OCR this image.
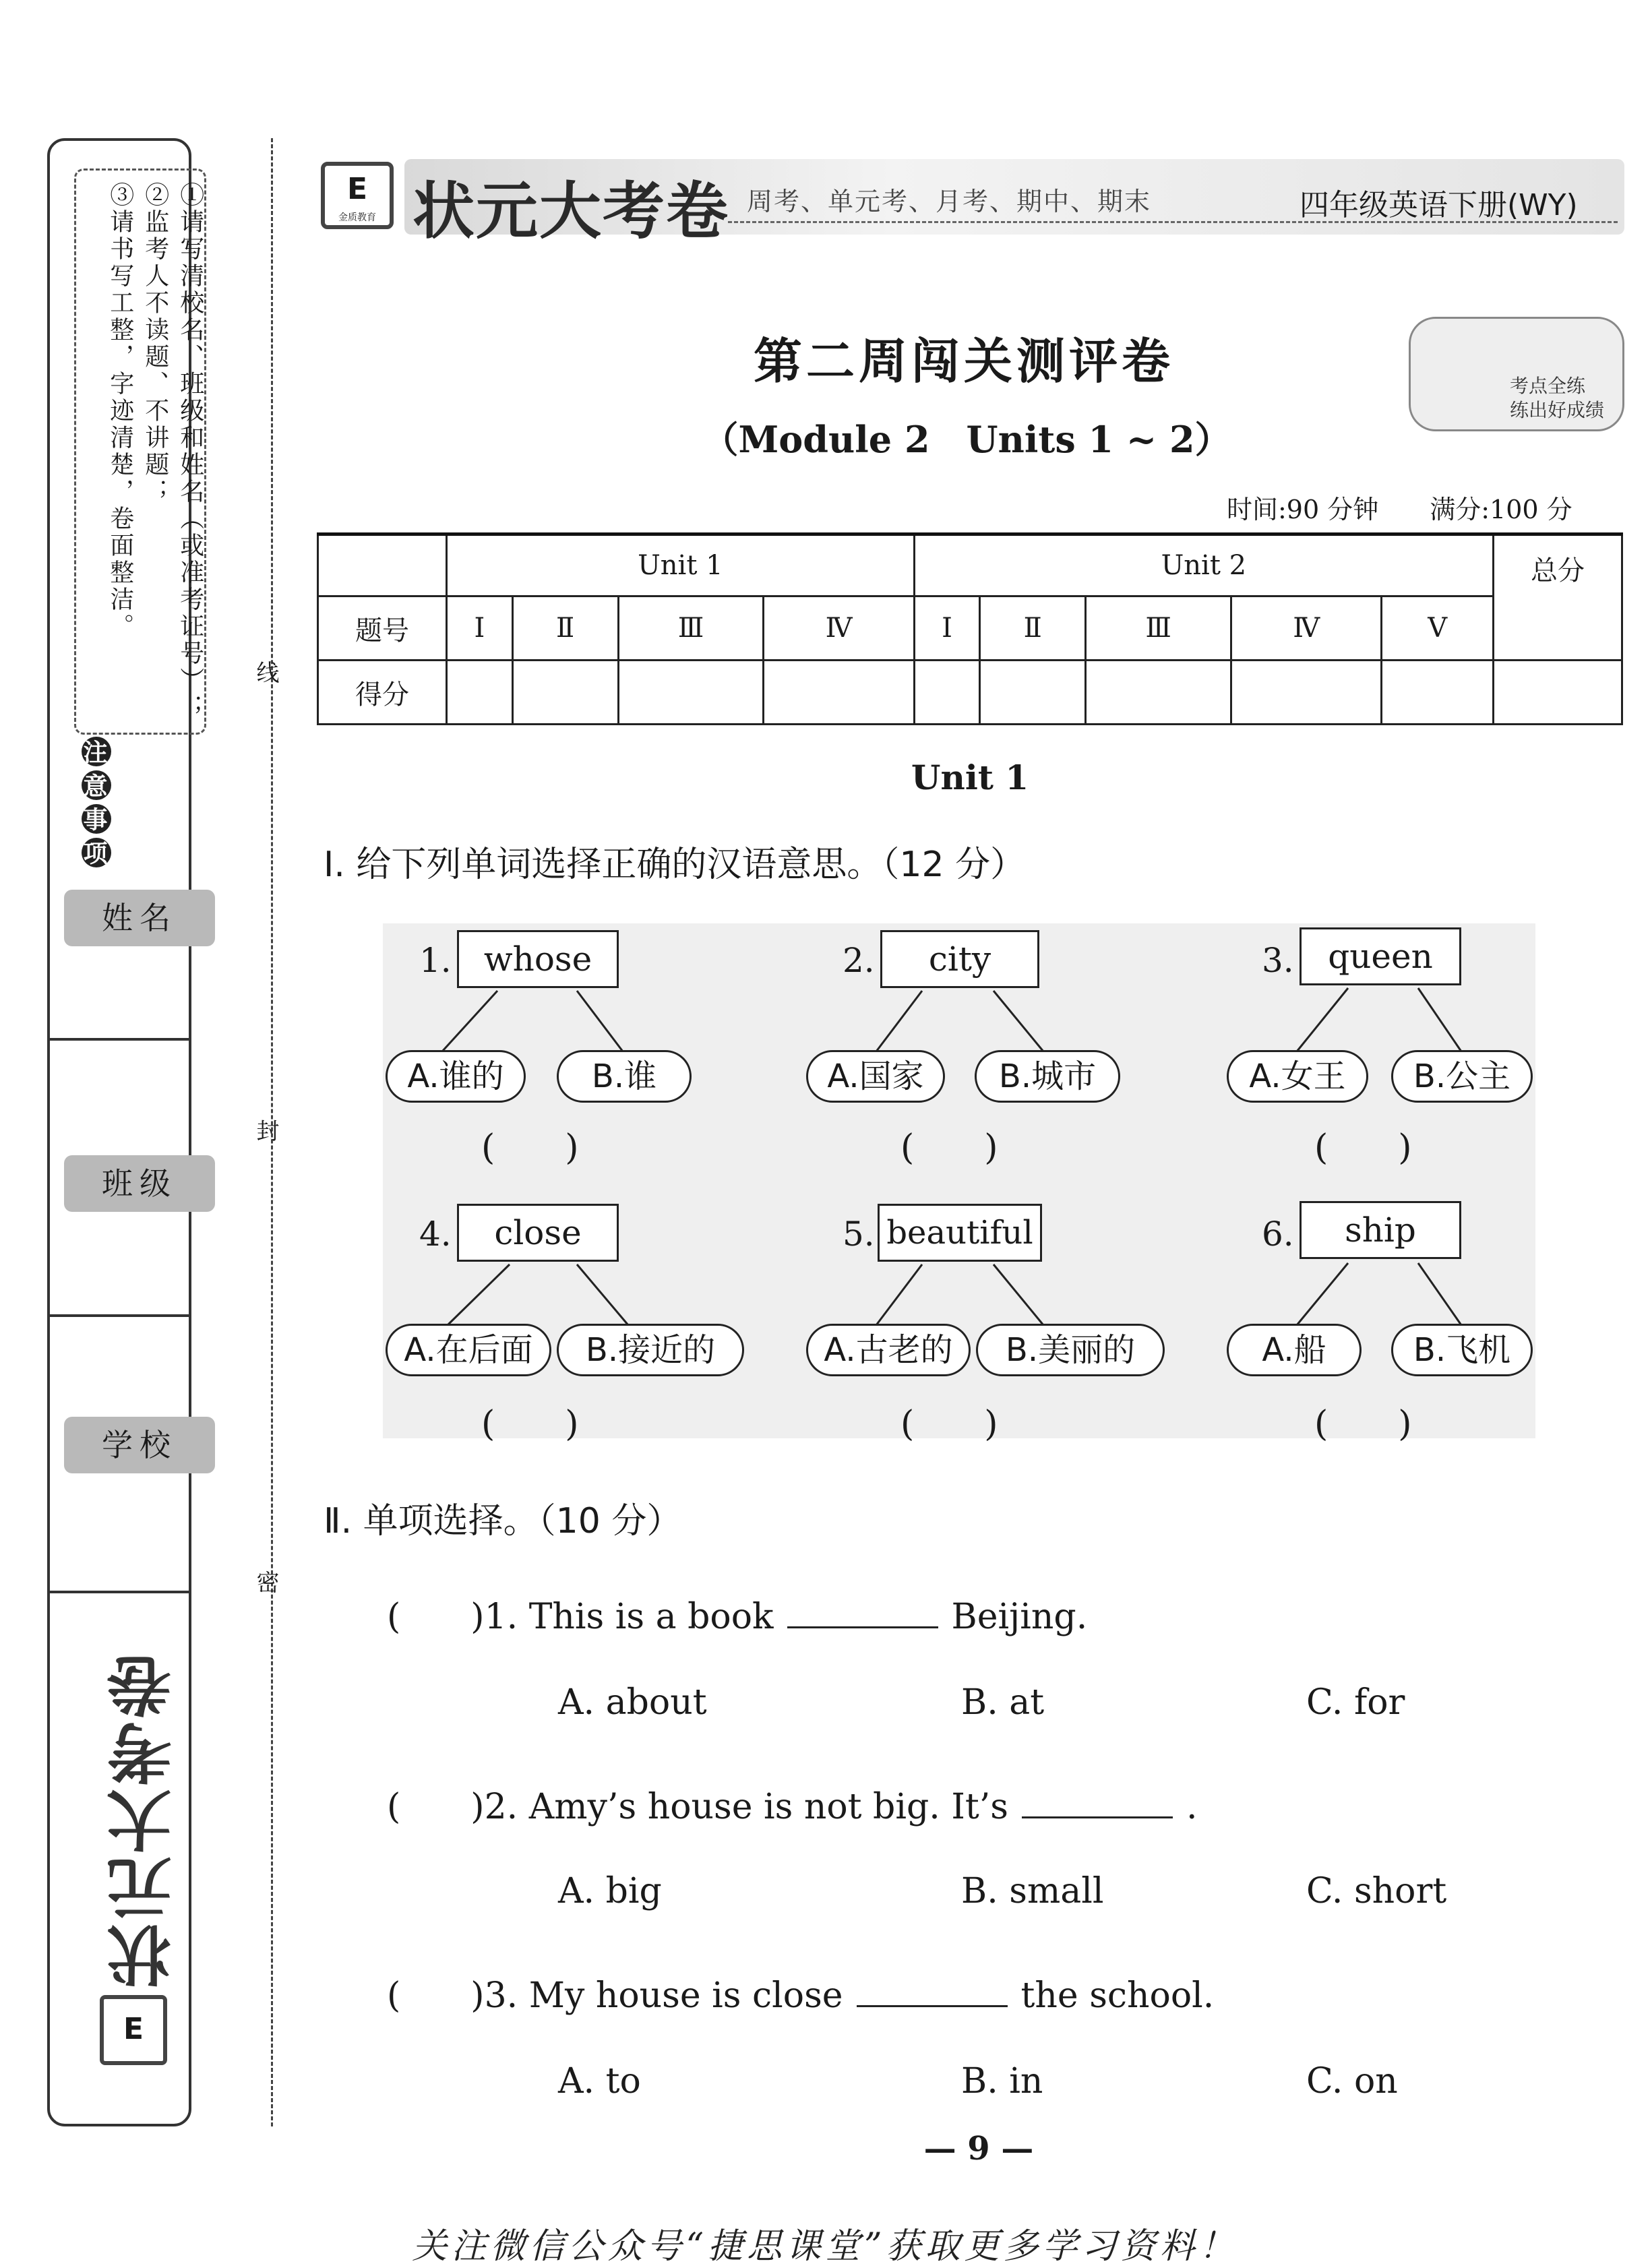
①请写清校名、班级和姓名（或准考证号）；
②监考人不读题、不讲题；
③请书写工整，字迹清楚，卷面整洁。
注意事项
姓名
班级
学校
状元大考卷
E
线
封
密
E
金质教育 状元大考卷 周考、单元考、月考、期中、期末	四年级英语下册(WY)
第二周闯关测评卷
（Module 2　Units 1 ~ 2）
考点全练
练出好成绩
时间:90 分钟　　满分:100 分
	Unit 1				Unit 2					总分
题号	Ⅰ	Ⅱ	Ⅲ	Ⅳ	Ⅰ	Ⅱ	Ⅲ	Ⅳ	Ⅴ	
得分										
Unit 1
Ⅰ. 给下列单词选择正确的汉语意思。（12 分）
1. whose
A.谁的	B.谁
(　　)
2.	city
A.国家	B.城市
(　　)
3.	queen
A.女王	B.公主
(　　)
4.	close
A.在后面	B.接近的
(　　)
5. beautiful
A.古老的	B.美丽的
(　　)
6.	ship
A.船	B.飞机
(　　)
Ⅱ. 单项选择。（10 分）
(　　)1. This is a book	Beijing.
A. about	B. at	C. for
(　　)2. Amy’s house is not big. It’s	.
A. big	B. small	C. short
(　　)3. My house is close	the school.
A. to	B. in	C. on
— 9 —
关注微信公众号“捷思课堂”获取更多学习资料！
